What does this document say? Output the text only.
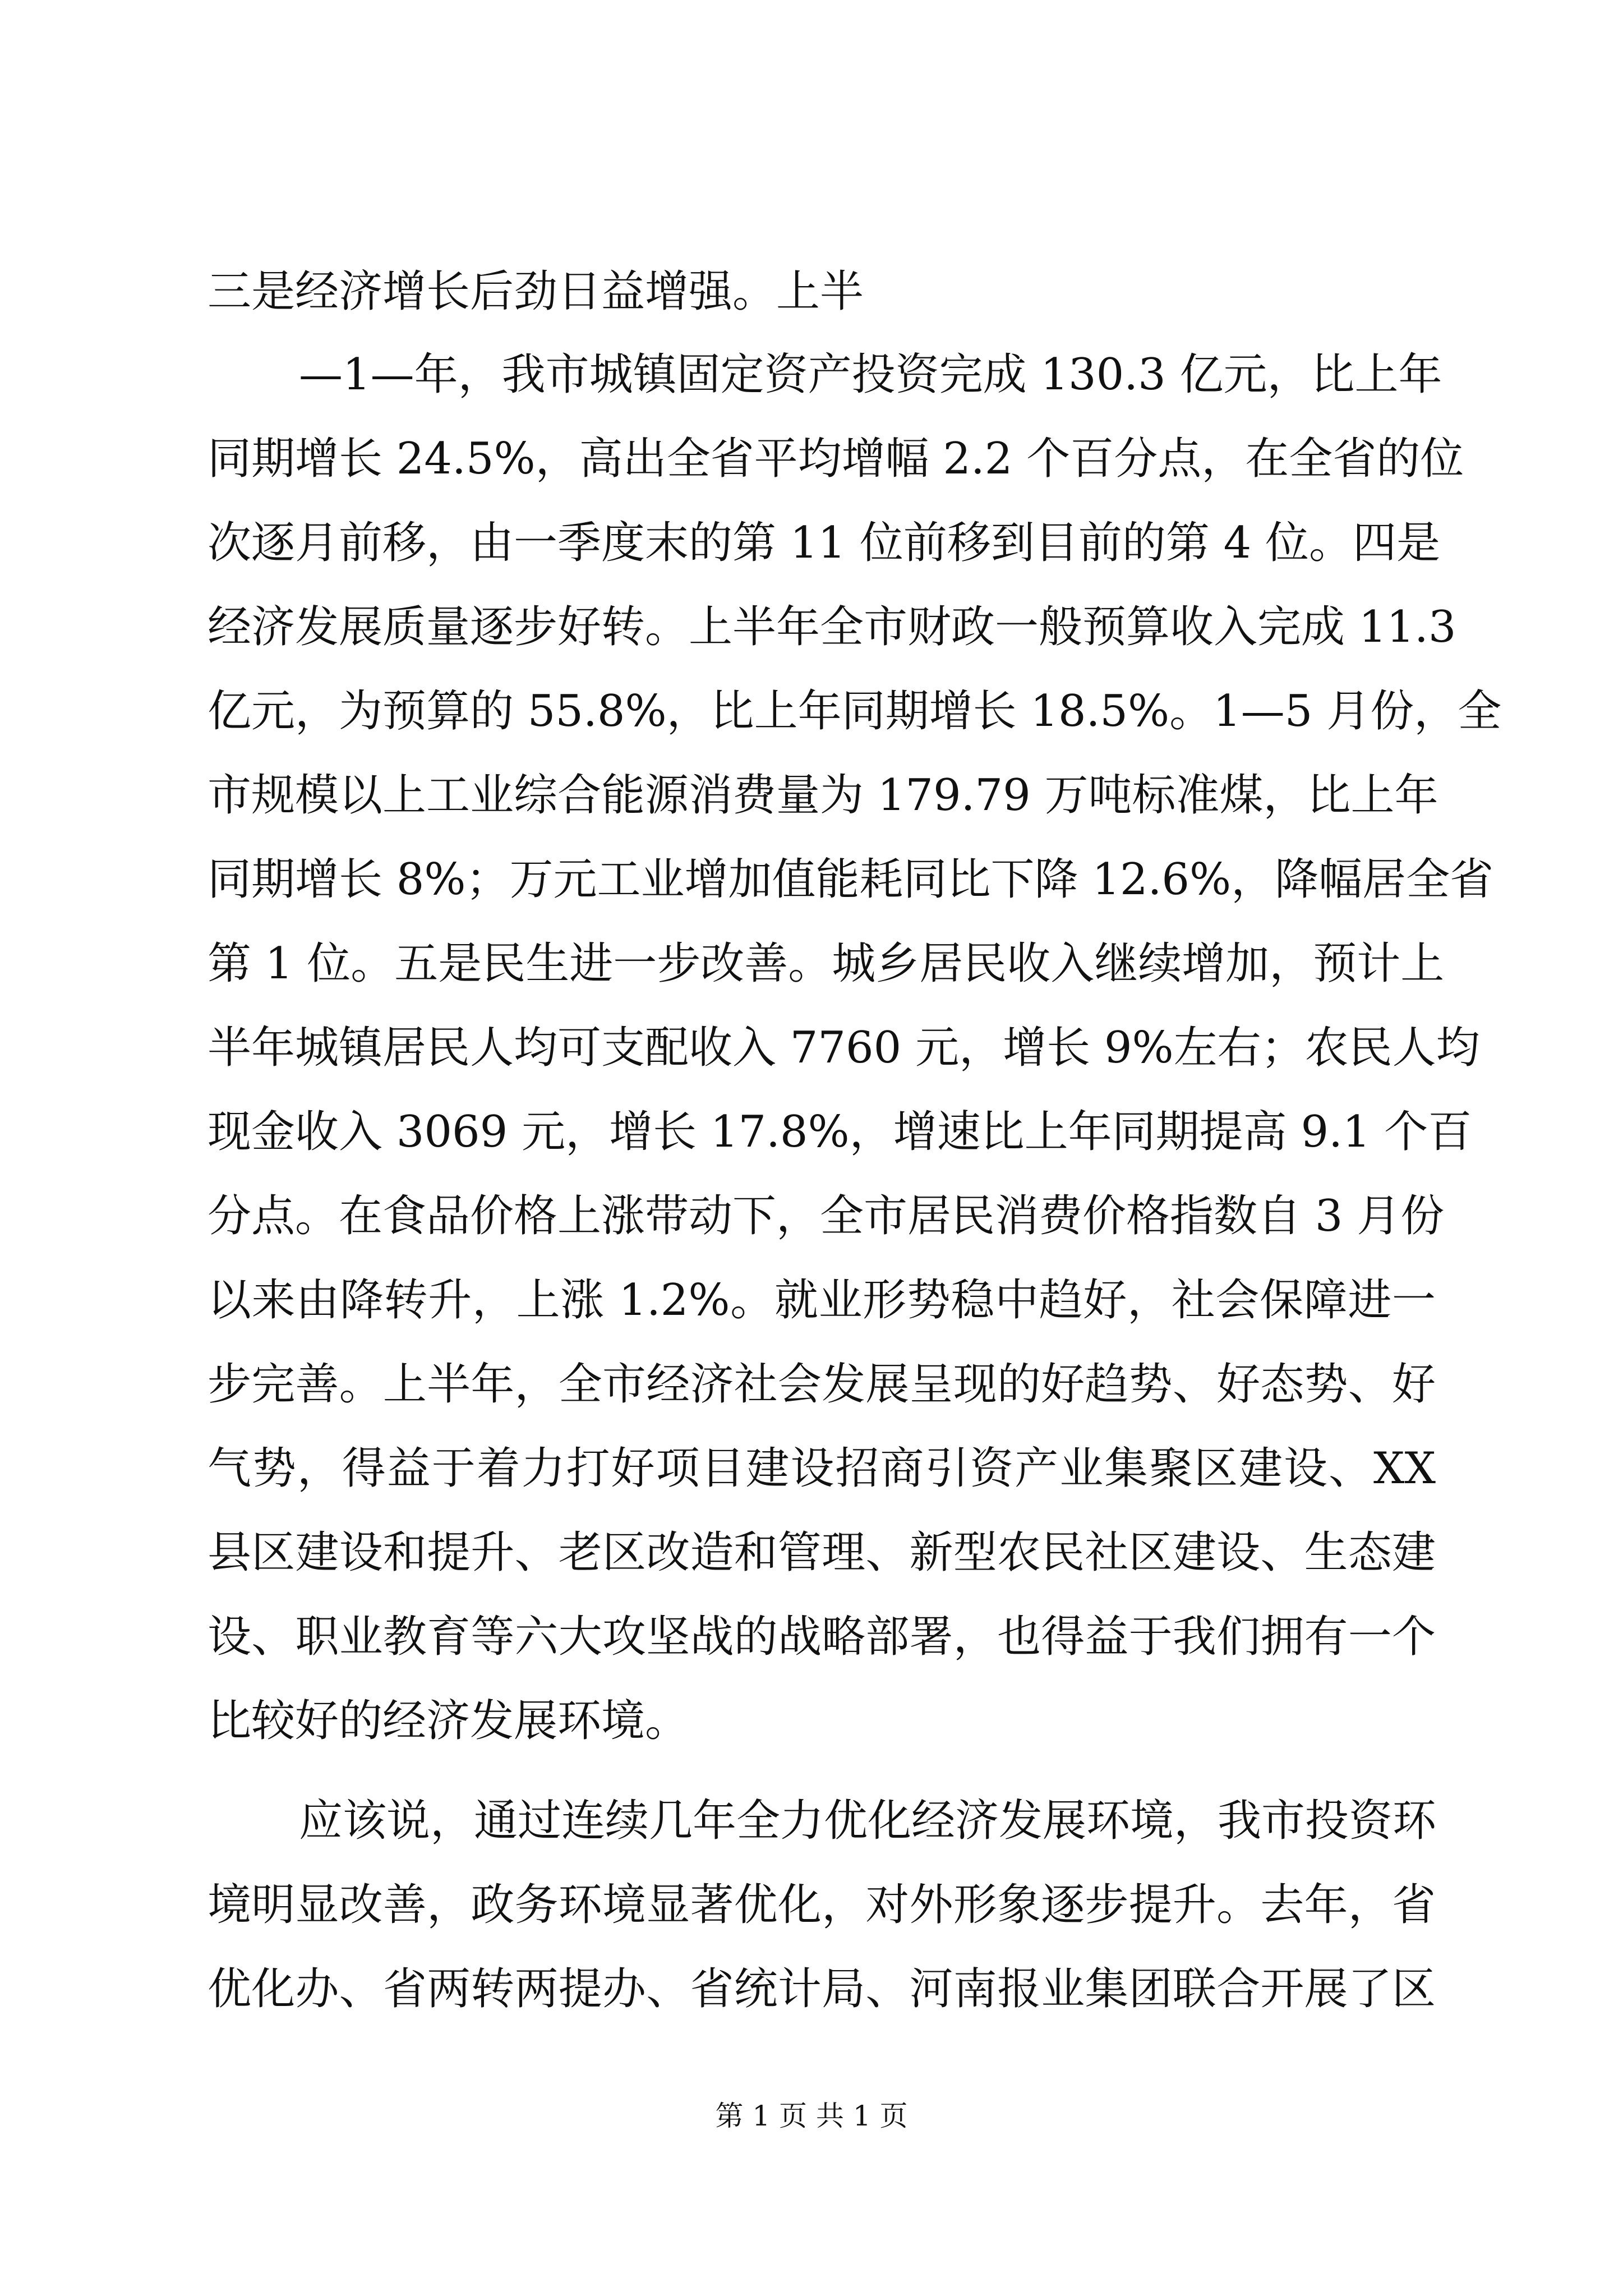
三是经济增长后劲日益增强。上半
—1—年，我市城镇固定资产投资完成 130.3 亿元，比上年
同期增长 24.5%，高出全省平均增幅 2.2 个百分点，在全省的位
次逐月前移，由一季度末的第 11 位前移到目前的第 4 位。四是
经济发展质量逐步好转。上半年全市财政一般预算收入完成 11.3
亿元，为预算的 55.8%，比上年同期增长 18.5%。1—5 月份，全
市规模以上工业综合能源消费量为 179.79 万吨标准煤，比上年
同期增长 8%；万元工业增加值能耗同比下降 12.6%，降幅居全省
第 1 位。五是民生进一步改善。城乡居民收入继续增加，预计上
半年城镇居民人均可支配收入 7760 元，增长 9%左右；农民人均
现金收入 3069 元，增长 17.8%，增速比上年同期提高 9.1 个百
分点。在食品价格上涨带动下，全市居民消费价格指数自 3 月份
以来由降转升，上涨 1.2%。就业形势稳中趋好，社会保障进一
步完善。上半年，全市经济社会发展呈现的好趋势、好态势、好
气势，得益于着力打好项目建设招商引资产业集聚区建设、XX
县区建设和提升、老区改造和管理、新型农民社区建设、生态建
设、职业教育等六大攻坚战的战略部署，也得益于我们拥有一个
比较好的经济发展环境。
应该说，通过连续几年全力优化经济发展环境，我市投资环
境明显改善，政务环境显著优化，对外形象逐步提升。去年，省
优化办、省两转两提办、省统计局、河南报业集团联合开展了区
第 1 页 共 1 页
